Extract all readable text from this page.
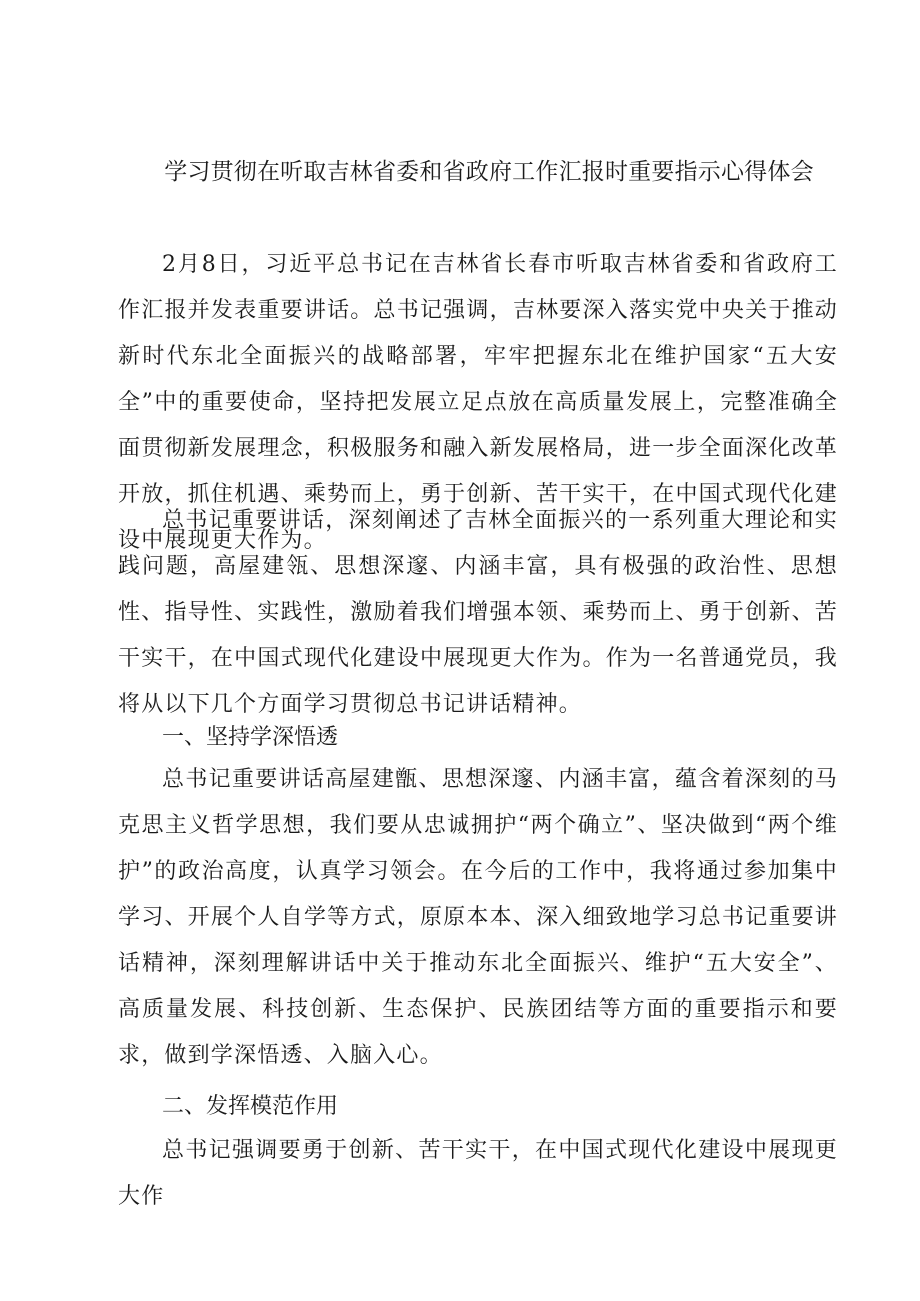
学习贯彻在听取吉林省委和省政府工作汇报时重要指示心得体会

2月8日，习近平总书记在吉林省长春市听取吉林省委和省政府工作汇报并发表重要讲话。总书记强调，吉林要深入落实党中央关于推动新时代东北全面振兴的战略部署，牢牢把握东北在维护国家“五大安全”中的重要使命，坚持把发展立足点放在高质量发展上，完整准确全面贯彻新发展理念，积极服务和融入新发展格局，进一步全面深化改革开放，抓住机遇、乘势而上，勇于创新、苦干实干，在中国式现代化建设中展现更大作为。

总书记重要讲话，深刻阐述了吉林全面振兴的一系列重大理论和实践问题，高屋建瓴、思想深邃、内涵丰富，具有极强的政治性、思想性、指导性、实践性，激励着我们增强本领、乘势而上、勇于创新、苦干实干，在中国式现代化建设中展现更大作为。作为一名普通党员，我将从以下几个方面学习贯彻总书记讲话精神。

一、坚持学深悟透

总书记重要讲话高屋建甑、思想深邃、内涵丰富，蕴含着深刻的马克思主义哲学思想，我们要从忠诚拥护“两个确立”、坚决做到“两个维护”的政治高度，认真学习领会。在今后的工作中，我将通过参加集中学习、开展个人自学等方式，原原本本、深入细致地学习总书记重要讲话精神，深刻理解讲话中关于推动东北全面振兴、维护“五大安全”、高质量发展、科技创新、生态保护、民族团结等方面的重要指示和要求，做到学深悟透、入脑入心。

二、发挥模范作用

总书记强调要勇于创新、苦干实干，在中国式现代化建设中展现更大作
